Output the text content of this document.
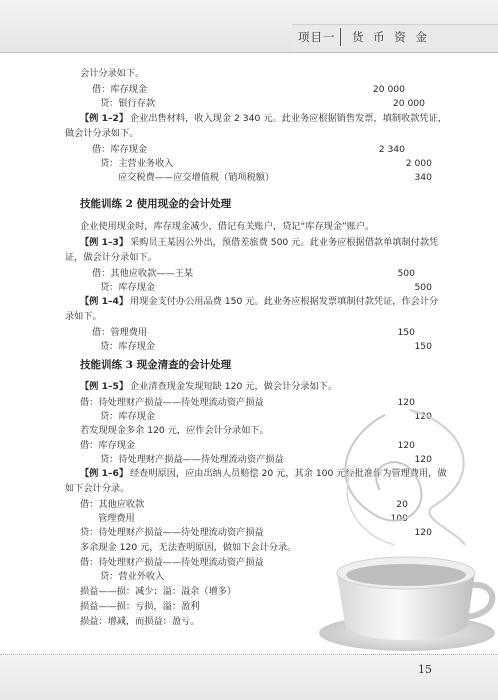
项目一 货 币 资 金
会计分录如下。
借：库存现金
贷：银行存款
【例 1–2】 企业出售材料，收入现金 2 340 元。此业务应根据销售发票，填制收款凭证，
做会计分录如下。
借：库存现金
贷：主营业务收入
应交税费——应交增值税（销项税额）
企业使用现金时，库存现金减少，借记有关账户，贷记“库存现金”账户。
【例 1–3】 采购员王某因公外出，预借差旅费 500 元。此业务应根据借款单填制付款凭
证，做会计分录如下。
借：其他应收款——王某
贷：库存现金
【例 1–4】 用现金支付办公用品费 150 元。此业务应根据发票填制付款凭证，作会计分
录如下。
借：管理费用
贷：库存现金
【例 1–5】 企业清查现金发现短缺 120 元，做会计分录如下。
借：待处理财产损益——待处理流动资产损益
贷：库存现金
若发现现金多余 120 元，应作会计分录如下。
借：库存现金
贷：待处理财产损益——待处理流动资产损益
【例 1–6】 经查明原因，应由出纳人员赔偿 20 元，其余 100 元经批准作为管理费用，做
如下会计分录。
借：其他应收款
管理费用
贷：待处理财产损益——待处理流动资产损益
多余现金 120 元，无法查明原因，做如下会计分录。
借：待处理财产损益——待处理流动资产损益
贷：营业外收入
损益——损：减少；溢：溢余（增多）
损益——损：亏损，溢：盈利
损益：增减，而损益：盈亏。
技能训练 2 使用现金的会计处理
技能训练 3 现金清查的会计处理
20 000
20 000
2 340
2 000
340
500
500
150
150
120
120
120
120
20
100
120
15
